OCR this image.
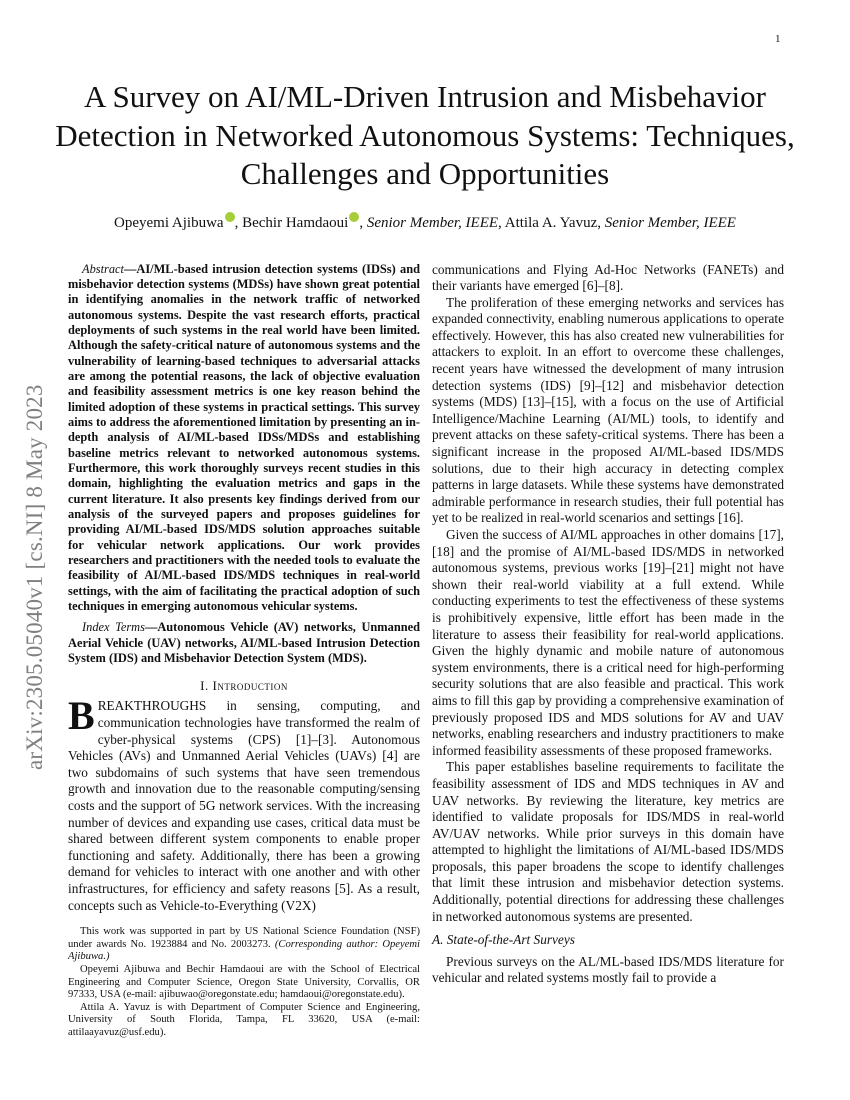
1
arXiv:2305.05040v1 [cs.NI] 8 May 2023
A Survey on AI/ML-Driven Intrusion and Misbehavior Detection in Networked Autonomous Systems: Techniques, Challenges and Opportunities
Opeyemi Ajibuwa , Bechir Hamdaoui , Senior Member, IEEE, Attila A. Yavuz, Senior Member, IEEE

Abstract—AI/ML-based intrusion detection systems (IDSs) and misbehavior detection systems (MDSs) have shown great potential in identifying anomalies in the network traffic of networked autonomous systems. Despite the vast research efforts, practical deployments of such systems in the real world have been limited. Although the safety-critical nature of autonomous systems and the vulnerability of learning-based techniques to adversarial attacks are among the potential reasons, the lack of objective evaluation and feasibility assessment metrics is one key reason behind the limited adoption of these systems in practical settings. This survey aims to address the aforementioned limitation by presenting an in-depth analysis of AI/ML-based IDSs/MDSs and establishing baseline metrics relevant to networked autonomous systems. Furthermore, this work thoroughly surveys recent studies in this domain, highlighting the evaluation metrics and gaps in the current literature. It also presents key findings derived from our analysis of the surveyed papers and proposes guidelines for providing AI/ML-based IDS/MDS solution approaches suitable for vehicular network applications. Our work provides researchers and practitioners with the needed tools to evaluate the feasibility of AI/ML-based IDS/MDS techniques in real-world settings, with the aim of facilitating the practical adoption of such techniques in emerging autonomous vehicular systems.

Index Terms—Autonomous Vehicle (AV) networks, Unmanned Aerial Vehicle (UAV) networks, AI/ML-based Intrusion Detection System (IDS) and Misbehavior Detection System (MDS).

I. Introduction

BREAKTHROUGHS in sensing, computing, and communication technologies have transformed the realm of cyber-physical systems (CPS) [1]–[3]. Autonomous Vehicles (AVs) and Unmanned Aerial Vehicles (UAVs) [4] are two subdomains of such systems that have seen tremendous growth and innovation due to the reasonable computing/sensing costs and the support of 5G network services. With the increasing number of devices and expanding use cases, critical data must be shared between different system components to enable proper functioning and safety. Additionally, there has been a growing demand for vehicles to interact with one another and with other infrastructures, for efficiency and safety reasons [5]. As a result, concepts such as Vehicle-to-Everything (V2X)

This work was supported in part by US National Science Foundation (NSF) under awards No. 1923884 and No. 2003273. (Corresponding author: Opeyemi Ajibuwa.)

Opeyemi Ajibuwa and Bechir Hamdaoui are with the School of Electrical Engineering and Computer Science, Oregon State University, Corvallis, OR 97333, USA (e-mail: ajibuwao@oregonstate.edu; hamdaoui@oregonstate.edu).

Attila A. Yavuz is with Department of Computer Science and Engineering, University of South Florida, Tampa, FL 33620, USA (e-mail: attilaayavuz@usf.edu).

communications and Flying Ad-Hoc Networks (FANETs) and their variants have emerged [6]–[8].

The proliferation of these emerging networks and services has expanded connectivity, enabling numerous applications to operate effectively. However, this has also created new vulnerabilities for attackers to exploit. In an effort to overcome these challenges, recent years have witnessed the development of many intrusion detection systems (IDS) [9]–[12] and misbehavior detection systems (MDS) [13]–[15], with a focus on the use of Artificial Intelligence/Machine Learning (AI/ML) tools, to identify and prevent attacks on these safety-critical systems. There has been a significant increase in the proposed AI/ML-based IDS/MDS solutions, due to their high accuracy in detecting complex patterns in large datasets. While these systems have demonstrated admirable performance in research studies, their full potential has yet to be realized in real-world scenarios and settings [16].

Given the success of AI/ML approaches in other domains [17], [18] and the promise of AI/ML-based IDS/MDS in networked autonomous systems, previous works [19]–[21] might not have shown their real-world viability at a full extend. While conducting experiments to test the effectiveness of these systems is prohibitively expensive, little effort has been made in the literature to assess their feasibility for real-world applications. Given the highly dynamic and mobile nature of autonomous system environments, there is a critical need for high-performing security solutions that are also feasible and practical. This work aims to fill this gap by providing a comprehensive examination of previously proposed IDS and MDS solutions for AV and UAV networks, enabling researchers and industry practitioners to make informed feasibility assessments of these proposed frameworks.

This paper establishes baseline requirements to facilitate the feasibility assessment of IDS and MDS techniques in AV and UAV networks. By reviewing the literature, key metrics are identified to validate proposals for IDS/MDS in real-world AV/UAV networks. While prior surveys in this domain have attempted to highlight the limitations of AI/ML-based IDS/MDS proposals, this paper broadens the scope to identify challenges that limit these intrusion and misbehavior detection systems. Additionally, potential directions for addressing these challenges in networked autonomous systems are presented.

A. State-of-the-Art Surveys

Previous surveys on the AL/ML-based IDS/MDS literature for vehicular and related systems mostly fail to provide a
